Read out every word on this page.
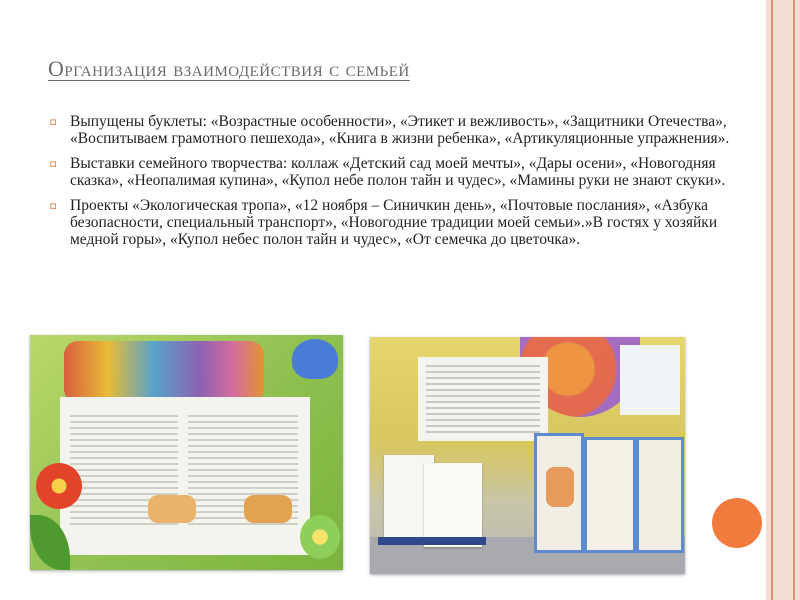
Организация взаимодействия с семьей
◘ Выпущены буклеты: «Возрастные особенности», «Этикет и вежливость», «Защитники Отечества», «Воспитываем грамотного пешехода», «Книга в жизни ребенка», «Артикуляционные упражнения».
◘ Выставки семейного творчества: коллаж «Детский сад моей мечты», «Дары осени», «Новогодняя сказка», «Неопалимая купина», «Купол небе полон тайн и чудес», «Мамины руки не знают скуки».
◘ Проекты «Экологическая тропа», «12 ноября – Синичкин день», «Почтовые послания», «Азбука безопасности, специальный транспорт», «Новогодние традиции моей семьи».»В гостях у хозяйки медной горы», «Купол небес полон тайн и чудес», «От семечка до цветочка».
